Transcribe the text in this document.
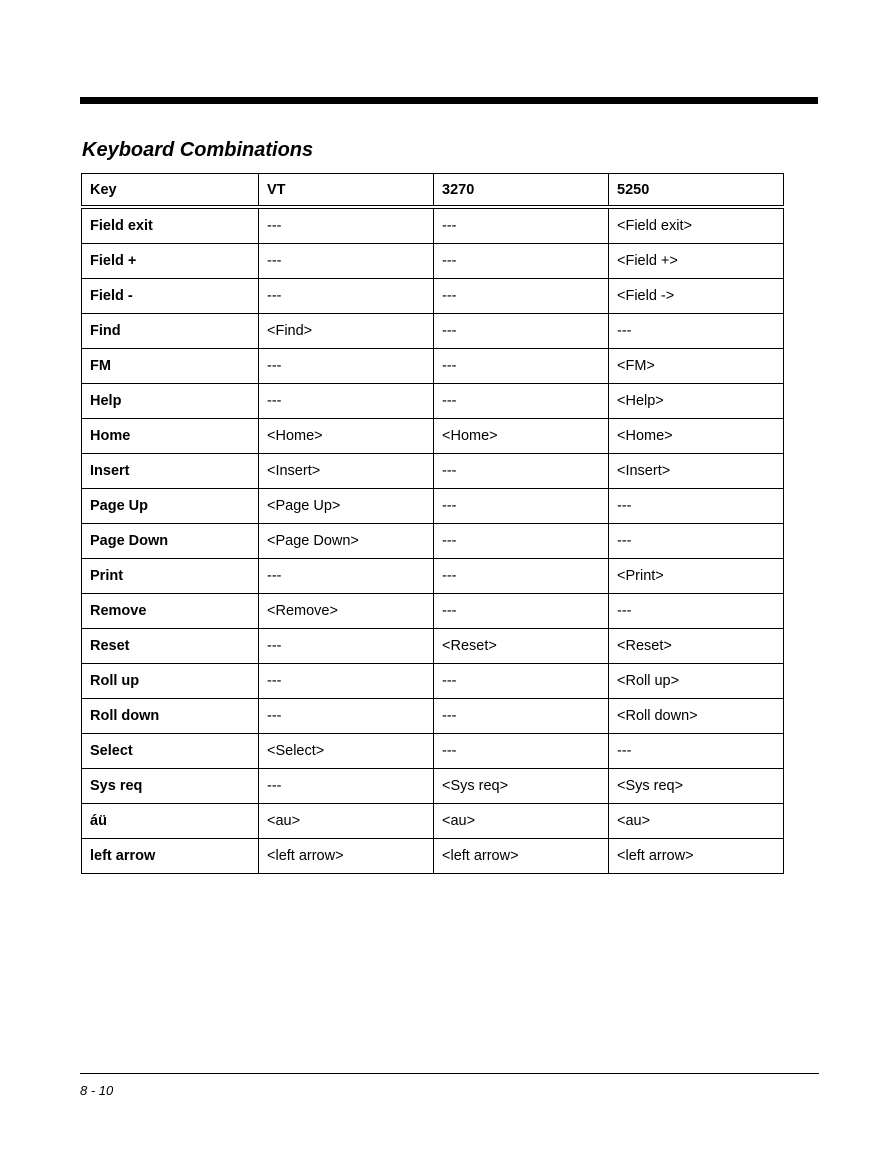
Keyboard Combinations
Key	VT	3270	5250
Field exit	---	---	<Field exit>
Field +	---	---	<Field +>
Field -	---	---	<Field ->
Find	<Find>	---	---
FM	---	---	<FM>
Help	---	---	<Help>
Home	<Home>	<Home>	<Home>
Insert	<Insert>	---	<Insert>
Page Up	<Page Up>	---	---
Page Down	<Page Down>	---	---
Print	---	---	<Print>
Remove	<Remove>	---	---
Reset	---	<Reset>	<Reset>
Roll up	---	---	<Roll up>
Roll down	---	---	<Roll down>
Select	<Select>	---	---
Sys req	---	<Sys req>	<Sys req>
áü	<au>	<au>	<au>
left arrow	<left arrow>	<left arrow>	<left arrow>
8 - 10
